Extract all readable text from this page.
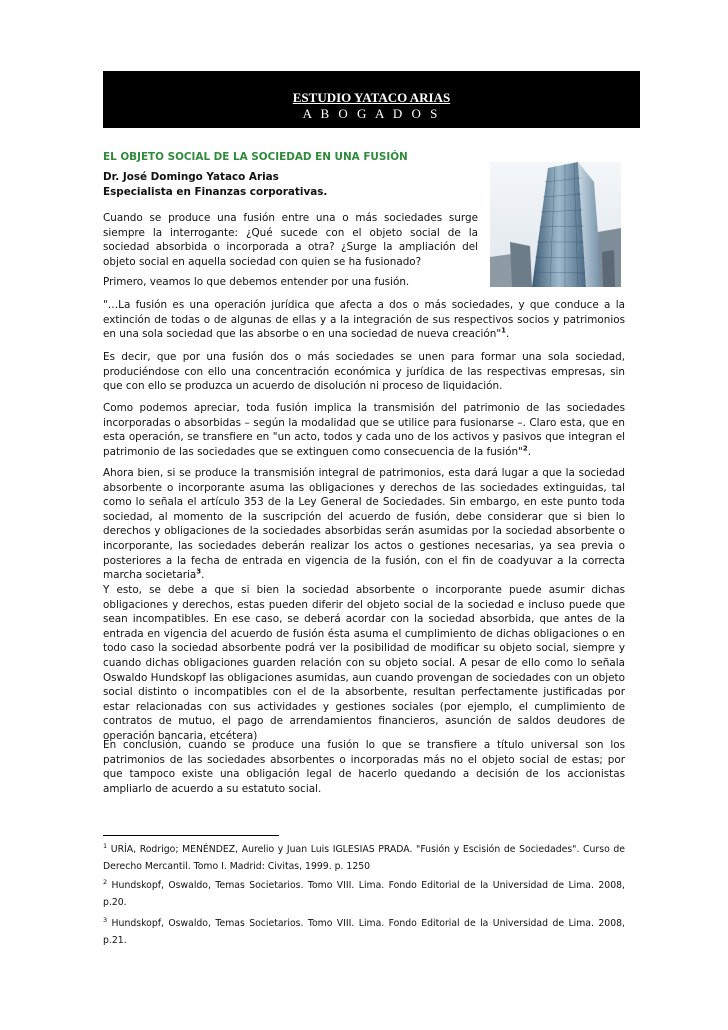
ESTUDIO YATACO ARIAS
A B O G A D O S
EL OBJETO SOCIAL DE LA SOCIEDAD EN UNA FUSIÓN
Dr. José Domingo Yataco Arias
Especialista en Finanzas corporativas.
Cuando se produce una fusión entre una o más sociedades surge siempre la interrogante: ¿Qué sucede con el objeto social de la sociedad absorbida o incorporada a otra? ¿Surge la ampliación del objeto social en aquella sociedad con quien se ha fusionado?
Primero, veamos lo que debemos entender por una fusión.
"…La fusión es una operación jurídica que afecta a dos o más sociedades, y que conduce a la extinción de todas o de algunas de ellas y a la integración de sus respectivos socios y patrimonios en una sola sociedad que las absorbe o en una sociedad de nueva creación"$^1$.
Es decir, que por una fusión dos o más sociedades se unen para formar una sola sociedad, produciéndose con ello una concentración económica y jurídica de las respectivas empresas, sin que con ello se produzca un acuerdo de disolución ni proceso de liquidación.
Como podemos apreciar, toda fusión implica la transmisión del patrimonio de las sociedades incorporadas o absorbidas – según la modalidad que se utilice para fusionarse –. Claro esta, que en esta operación, se transfiere en "un acto, todos y cada uno de los activos y pasivos que integran el patrimonio de las sociedades que se extinguen como consecuencia de la fusión"$^2$.
Ahora bien, si se produce la transmisión integral de patrimonios, esta dará lugar a que la sociedad absorbente o incorporante asuma las obligaciones y derechos de las sociedades extinguidas, tal como lo señala el artículo 353 de la Ley General de Sociedades. Sin embargo, en este punto toda sociedad, al momento de la suscripción del acuerdo de fusión, debe considerar que si bien lo derechos y obligaciones de la sociedades absorbidas serán asumidas por la sociedad absorbente o incorporante, las sociedades deberán realizar los actos o gestiones necesarias, ya sea previa o posteriores a la fecha de entrada en vigencia de la fusión, con el fin de coadyuvar a la correcta marcha societaria$^3$.
Y esto, se debe a que si bien la sociedad absorbente o incorporante puede asumir dichas obligaciones y derechos, estas pueden diferir del objeto social de la sociedad e incluso puede que sean incompatibles. En ese caso, se deberá acordar con la sociedad absorbida, que antes de la entrada en vigencia del acuerdo de fusión ésta asuma el cumplimiento de dichas obligaciones o en todo caso la sociedad absorbente podrá ver la posibilidad de modificar su objeto social, siempre y cuando dichas obligaciones guarden relación con su objeto social. A pesar de ello como lo señala Oswaldo Hundskopf las obligaciones asumidas, aun cuando provengan de sociedades con un objeto social distinto o incompatibles con el de la absorbente, resultan perfectamente justificadas por estar relacionadas con sus actividades y gestiones sociales (por ejemplo, el cumplimiento de contratos de mutuo, el pago de arrendamientos financieros, asunción de saldos deudores de operación bancaria, etcétera)
En conclusión, cuando se produce una fusión lo que se transfiere a título universal son los patrimonios de las sociedades absorbentes o incorporadas más no el objeto social de estas; por que tampoco existe una obligación legal de hacerlo quedando a decisión de los accionistas ampliarlo de acuerdo a su estatuto social.
$^1$ URÍA, Rodrigo; MENÉNDEZ, Aurelio y Juan Luis IGLESIAS PRADA. "Fusión y Escisión de Sociedades". Curso de Derecho Mercantil. Tomo I. Madrid: Civitas, 1999. p. 1250
$^2$ Hundskopf, Oswaldo, Temas Societarios. Tomo VIII. Lima. Fondo Editorial de la Universidad de Lima. 2008, p.20.
$^3$ Hundskopf, Oswaldo, Temas Societarios. Tomo VIII. Lima. Fondo Editorial de la Universidad de Lima. 2008, p.21.
